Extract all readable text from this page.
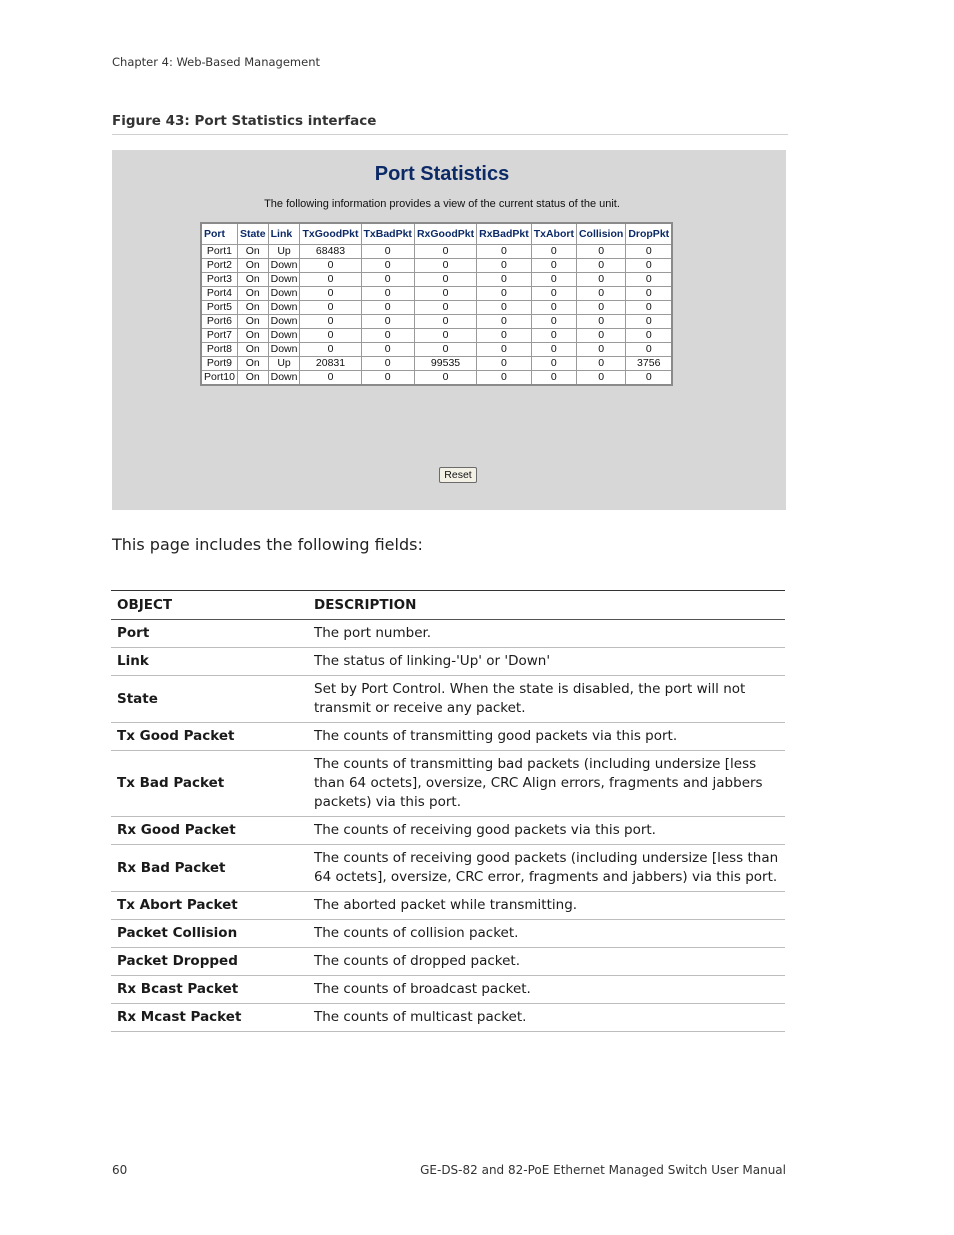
Chapter 4: Web-Based Management
Figure 43: Port Statistics interface
Port Statistics
The following information provides a view of the current status of the unit.
Port	State	Link	TxGoodPkt	TxBadPkt	RxGoodPkt	RxBadPkt	TxAbort	Collision	DropPkt
Port1	On	Up	68483	0	0	0	0	0	0
Port2	On	Down	0	0	0	0	0	0	0
Port3	On	Down	0	0	0	0	0	0	0
Port4	On	Down	0	0	0	0	0	0	0
Port5	On	Down	0	0	0	0	0	0	0
Port6	On	Down	0	0	0	0	0	0	0
Port7	On	Down	0	0	0	0	0	0	0
Port8	On	Down	0	0	0	0	0	0	0
Port9	On	Up	20831	0	99535	0	0	0	3756
Port10	On	Down	0	0	0	0	0	0	0
Reset
This page includes the following fields:
OBJECT	DESCRIPTION
Port	The port number.
Link	The status of linking-'Up' or 'Down'
State	Set by Port Control. When the state is disabled, the port will not transmit or receive any packet.
Tx Good Packet	The counts of transmitting good packets via this port.
Tx Bad Packet	The counts of transmitting bad packets (including undersize [less than 64 octets], oversize, CRC Align errors, fragments and jabbers packets) via this port.
Rx Good Packet	The counts of receiving good packets via this port.
Rx Bad Packet	The counts of receiving good packets (including undersize [less than 64 octets], oversize, CRC error, fragments and jabbers) via this port.
Tx Abort Packet	The aborted packet while transmitting.
Packet Collision	The counts of collision packet.
Packet Dropped	The counts of dropped packet.
Rx Bcast Packet	The counts of broadcast packet.
Rx Mcast Packet	The counts of multicast packet.
60	GE-DS-82 and 82-PoE Ethernet Managed Switch User Manual
